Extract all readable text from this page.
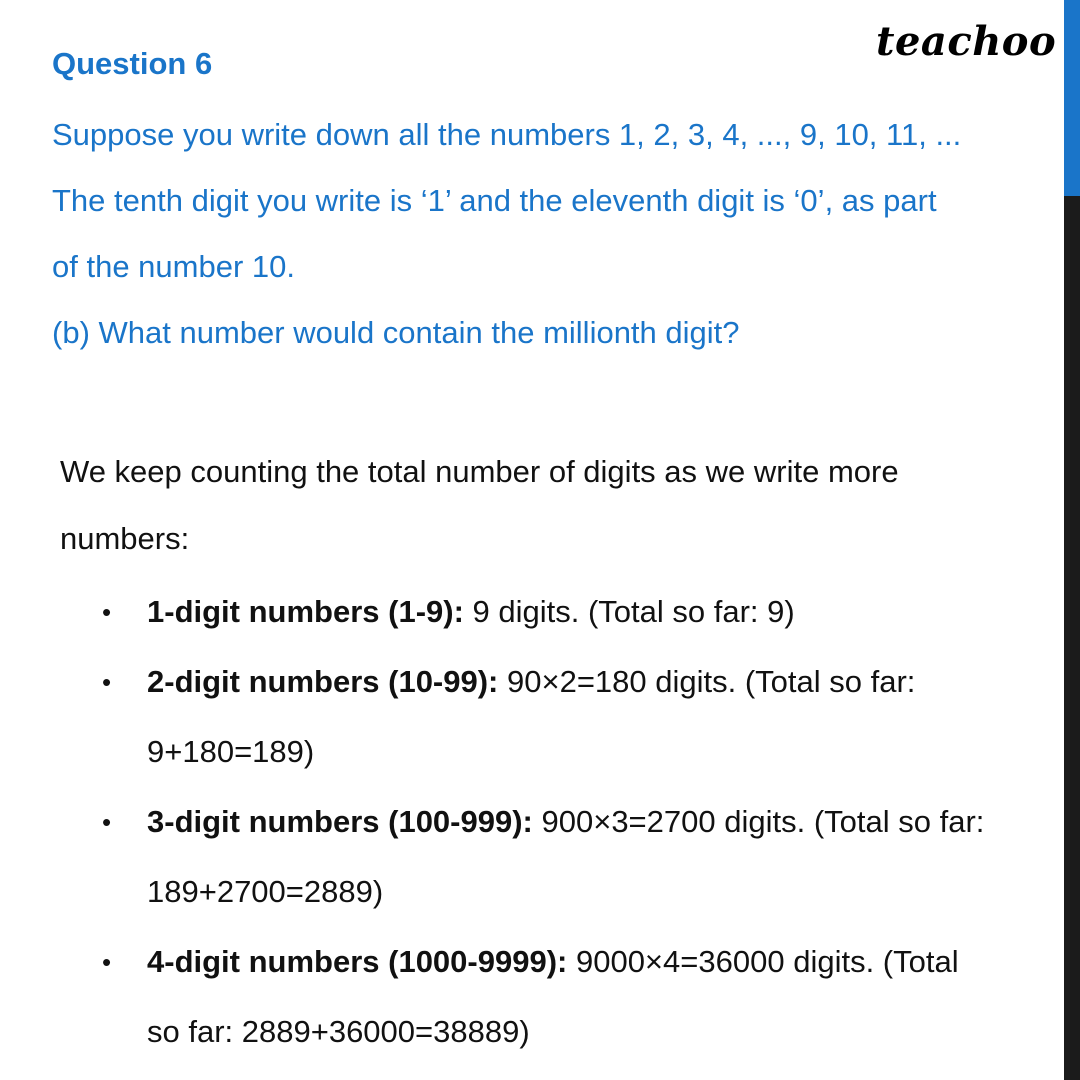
teachoo
Question 6
Suppose you write down all the numbers 1, 2, 3, 4, ..., 9, 10, 11, ...
The tenth digit you write is ‘1’ and the eleventh digit is ‘0’, as part
of the number 10.
(b) What number would contain the millionth digit?
We keep counting the total number of digits as we write more
numbers:
• 1-digit numbers (1-9): 9 digits. (Total so far: 9)
• 2-digit numbers (10-99): 90×2=180 digits. (Total so far:
9+180=189)
• 3-digit numbers (100-999): 900×3=2700 digits. (Total so far:
189+2700=2889)
• 4-digit numbers (1000-9999): 9000×4=36000 digits. (Total
so far: 2889+36000=38889)
